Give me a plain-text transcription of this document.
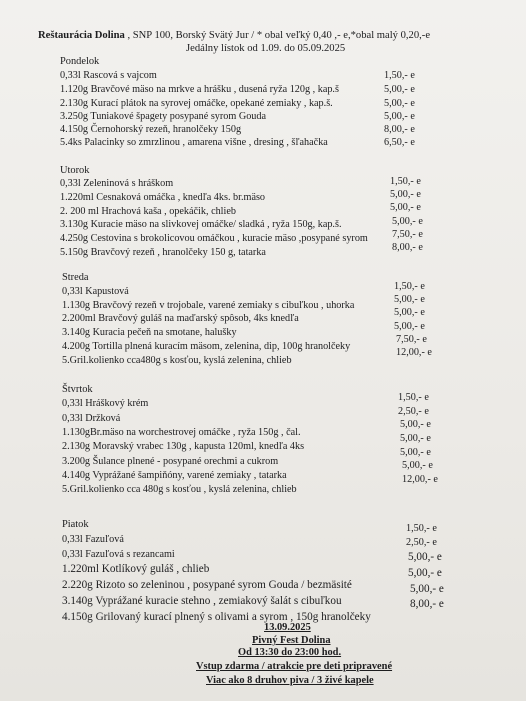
Reštaurácia Dolina , SNP 100, Borský Svätý Jur / * obal veľký 0,40 ,- e,*obal malý 0,20,-e
Jedálny lístok od 1.09. do 05.09.2025
Pondelok
0,33l Rascová s vajcom	1,50,- e
1.120g Bravčové mäso na mrkve a hrášku , dusená ryža 120g , kap.š	5,00,- e
2.130g Kurací plátok na syrovej omáčke, opekané zemiaky , kap.š.	5,00,- e
3.250g Tuniakové špagety posypané syrom Gouda	5,00,- e
4.150g Černohorský rezeň, hranolčeky 150g	8,00,- e
5.4ks Palacinky so zmrzlinou , amarena višne , dresing , šľahačka	6,50,- e
Utorok
0,33l Zeleninová s hráškom	1,50,- e
1.220ml Cesnaková omáčka , knedľa 4ks. br.mäso	5,00,- e
2. 200 ml Hrachová kaša , opekáčik, chlieb	5,00,- e
3.130g Kuracie mäso na slivkovej omáčke/ sladká , ryža 150g, kap.š.	5,00,- e
4.250g Cestovina s brokolicovou omáčkou , kuracie mäso ,posypané syrom 7,50,- e
5.150g Bravčový rezeň , hranolčeky 150 g, tatarka	8,00,- e
Streda
0,33l Kapustová	1,50,- e
1.130g Bravčový rezeň v trojobale, varené zemiaky s cibuľkou , uhorka
5,00,- e
2.200ml Bravčový guláš na maďarský spôsob, 4ks knedľa
5,00,- e
3.140g Kuracia pečeň na smotane, halušky
5,00,- e
4.200g Tortilla plnená kuracím mäsom, zelenina, dip, 100g hranolčeky
7,50,- e
5.Gril.kolienko cca480g s kosťou, kyslá zelenina, chlieb
12,00,- e
Štvrtok
0,33l Hráškový krém
1,50,- e
0,33l Držková
2,50,- e
1.130gBr.mäso na worchestrovej omáčke , ryža 150g , čal.
5,00,- e
2.130g Moravský vrabec 130g , kapusta 120ml, knedľa 4ks
5,00,- e
3.200g Šulance plnené - posypané orechmi a cukrom
5,00,- e
4.140g Vyprážané šampiňóny, varené zemiaky , tatarka
5,00,- e
5.Gril.kolienko cca 480g s kosťou , kyslá zelenina, chlieb
12,00,- e
Piatok
0,33l Fazuľová
1,50,- e
0,33l Fazuľová s rezancami
2,50,- e
1.220ml Kotlíkový guláš , chlieb
5,00,- e
2.220g Rizoto so zeleninou , posypané syrom Gouda / bezmäsité
5,00,- e
3.140g Vyprážané kuracie stehno , zemiakový šalát s cibuľkou
5,00,- e
4.150g Grilovaný kurací plnený s olivami a syrom , 150g hranolčeky
8,00,- e
13.09.2025
Pivný Fest Dolina
Od 13:30 do 23:00 hod.
Vstup zdarma / atrakcie pre deti pripravené
Viac ako 8 druhov piva / 3 živé kapele
